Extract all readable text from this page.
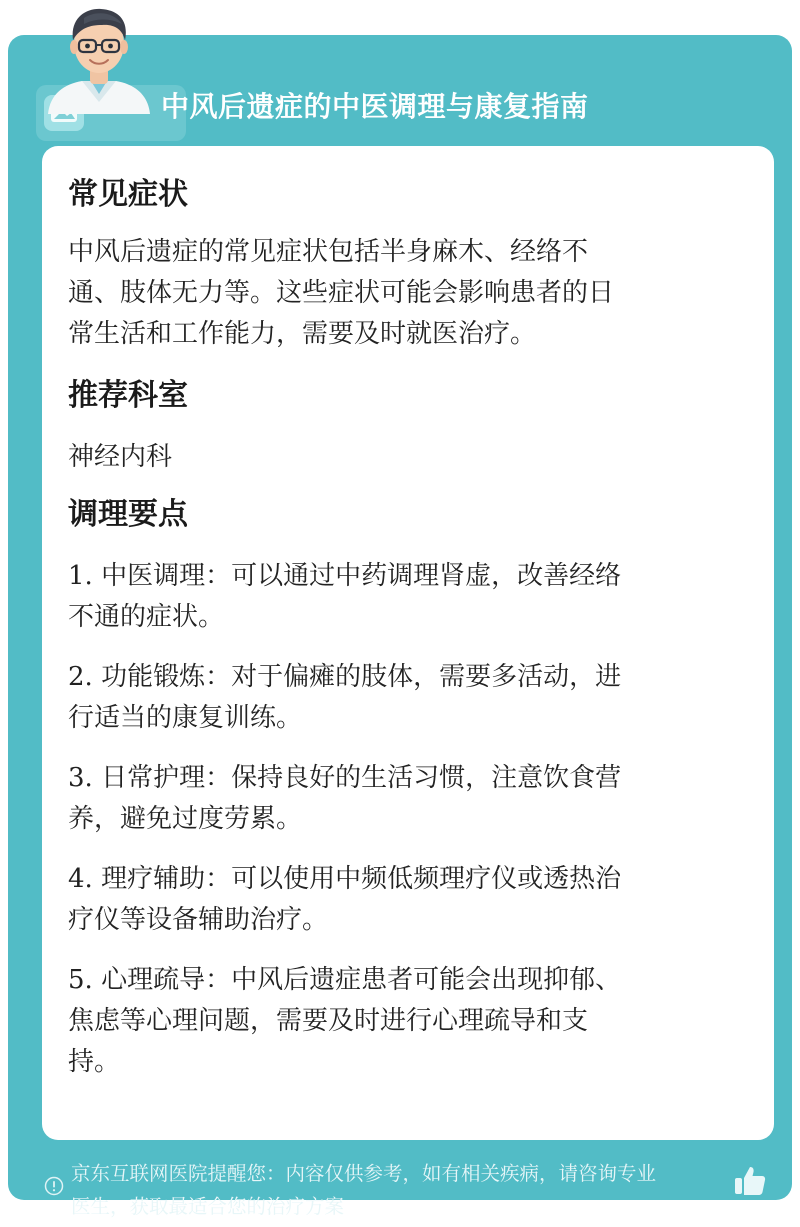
中风后遗症的中医调理与康复指南
常见症状

中风后遗症的常见症状包括半身麻木、经络不
通、肢体无力等。这些症状可能会影响患者的日
常生活和工作能力，需要及时就医治疗。

推荐科室

神经内科

调理要点

1. 中医调理：可以通过中药调理肾虚，改善经络
不通的症状。

2. 功能锻炼：对于偏瘫的肢体，需要多活动，进
行适当的康复训练。

3. 日常护理：保持良好的生活习惯，注意饮食营
养，避免过度劳累。

4. 理疗辅助：可以使用中频低频理疗仪或透热治
疗仪等设备辅助治疗。

5. 心理疏导：中风后遗症患者可能会出现抑郁、
焦虑等心理问题，需要及时进行心理疏导和支
持。

京东互联网医院提醒您：内容仅供参考，如有相关疾病，请咨询专业
医生，获取最适合您的治疗方案
